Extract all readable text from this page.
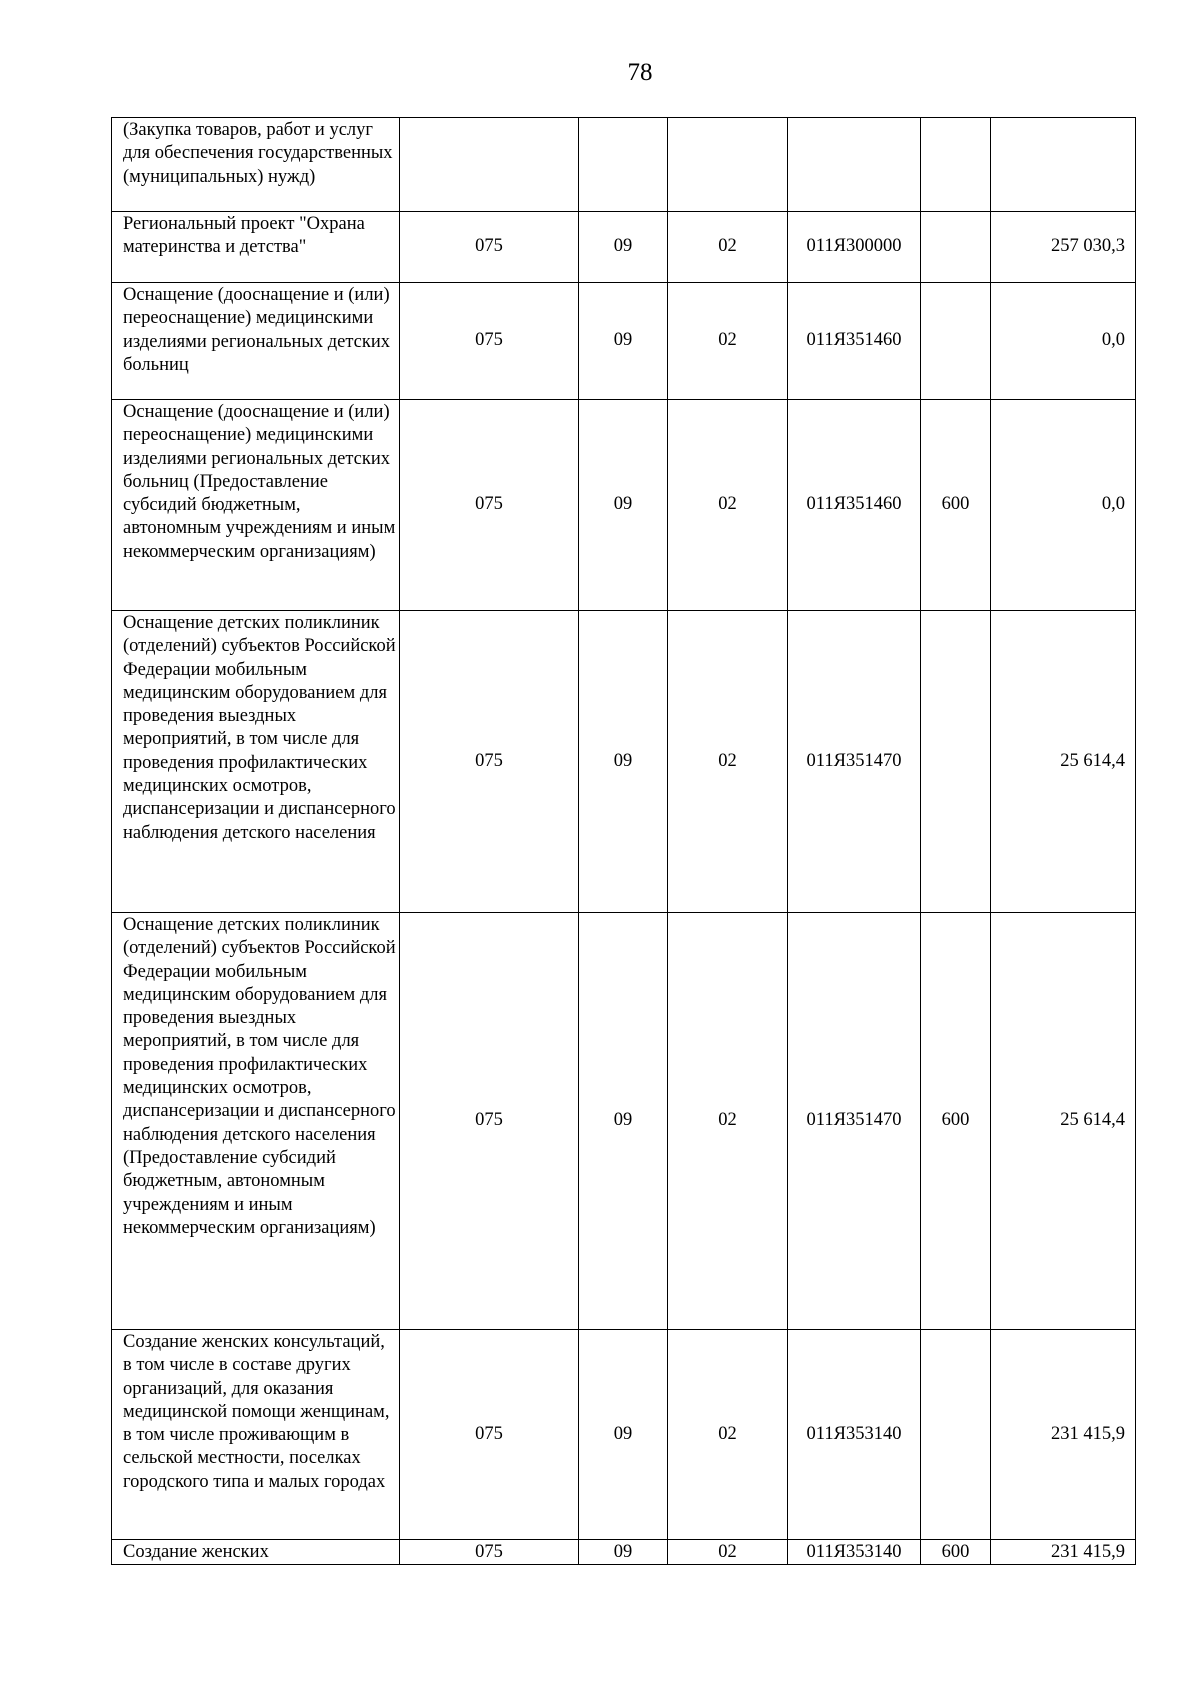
78
(Закупка товаров, работ и услуг для обеспечения государственных (муниципальных) нужд)						
Региональный проект "Охрана материнства и детства"	075	09	02	011Я300000		257 030,3
Оснащение (дооснащение и (или) переоснащение) медицинскими изделиями региональных детских больниц	075	09	02	011Я351460		0,0
Оснащение (дооснащение и (или) переоснащение) медицинскими изделиями региональных детских больниц (Предоставление субсидий бюджетным, автономным учреждениям и иным некоммерческим организациям)	075	09	02	011Я351460	600	0,0
Оснащение детских поликлиник (отделений) субъектов Российской Федерации мобильным медицинским оборудованием для проведения выездных мероприятий, в том числе для проведения профилактических медицинских осмотров, диспансеризации и диспансерного наблюдения детского населения	075	09	02	011Я351470		25 614,4
Оснащение детских поликлиник (отделений) субъектов Российской Федерации мобильным медицинским оборудованием для проведения выездных мероприятий, в том числе для проведения профилактических медицинских осмотров, диспансеризации и диспансерного наблюдения детского населения (Предоставление субсидий бюджетным, автономным учреждениям и иным некоммерческим организациям)	075	09	02	011Я351470	600	25 614,4
Создание женских консультаций, в том числе в составе других организаций, для оказания медицинской помощи женщинам, в том числе проживающим в сельской местности, поселках городского типа и малых городах	075	09	02	011Я353140		231 415,9
Создание женских	075	09	02	011Я353140	600	231 415,9
